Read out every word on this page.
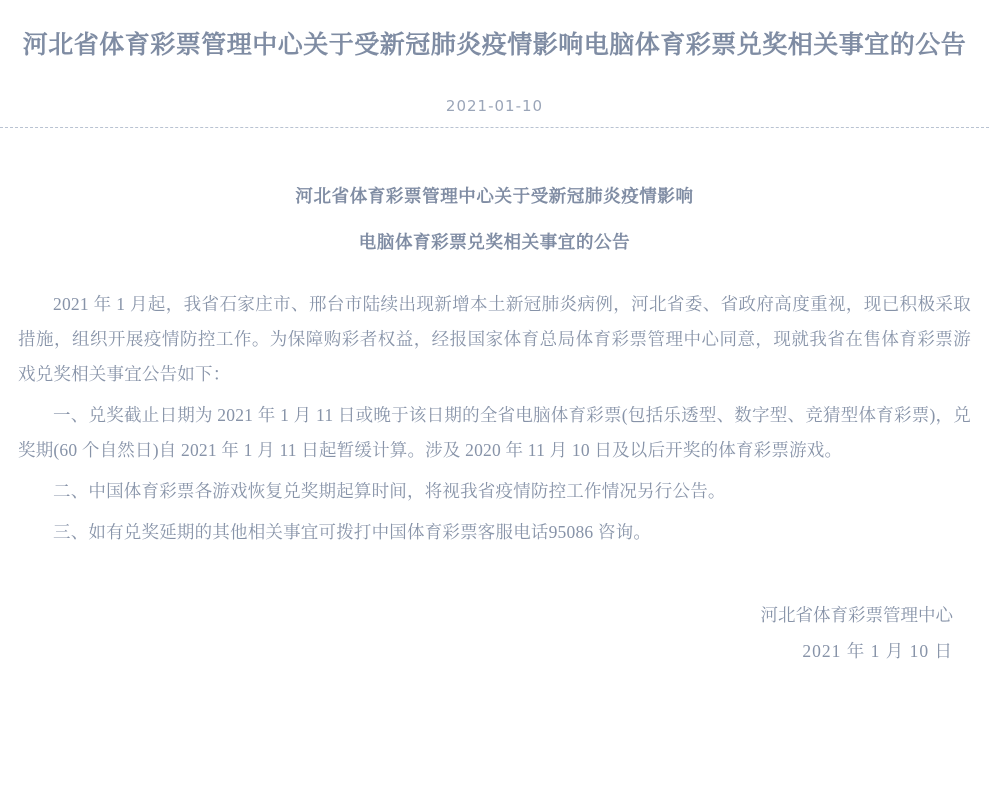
河北省体育彩票管理中心关于受新冠肺炎疫情影响电脑体育彩票兑奖相关事宜的公告
2021-01-10
河北省体育彩票管理中心关于受新冠肺炎疫情影响
电脑体育彩票兑奖相关事宜的公告

2021 年 1 月起，我省石家庄市、邢台市陆续出现新增本土新冠肺炎病例，河北省委、省政府高度重视，现已积极采取措施，组织开展疫情防控工作。为保障购彩者权益，经报国家体育总局体育彩票管理中心同意，现就我省在售体育彩票游戏兑奖相关事宜公告如下：

一、兑奖截止日期为 2021 年 1 月 11 日或晚于该日期的全省电脑体育彩票(包括乐透型、数字型、竞猜型体育彩票)，兑奖期(60 个自然日)自 2021 年 1 月 11 日起暂缓计算。涉及 2020 年 11 月 10 日及以后开奖的体育彩票游戏。

二、中国体育彩票各游戏恢复兑奖期起算时间，将视我省疫情防控工作情况另行公告。

三、如有兑奖延期的其他相关事宜可拨打中国体育彩票客服电话95086 咨询。

河北省体育彩票管理中心
2021 年 1 月 10 日
